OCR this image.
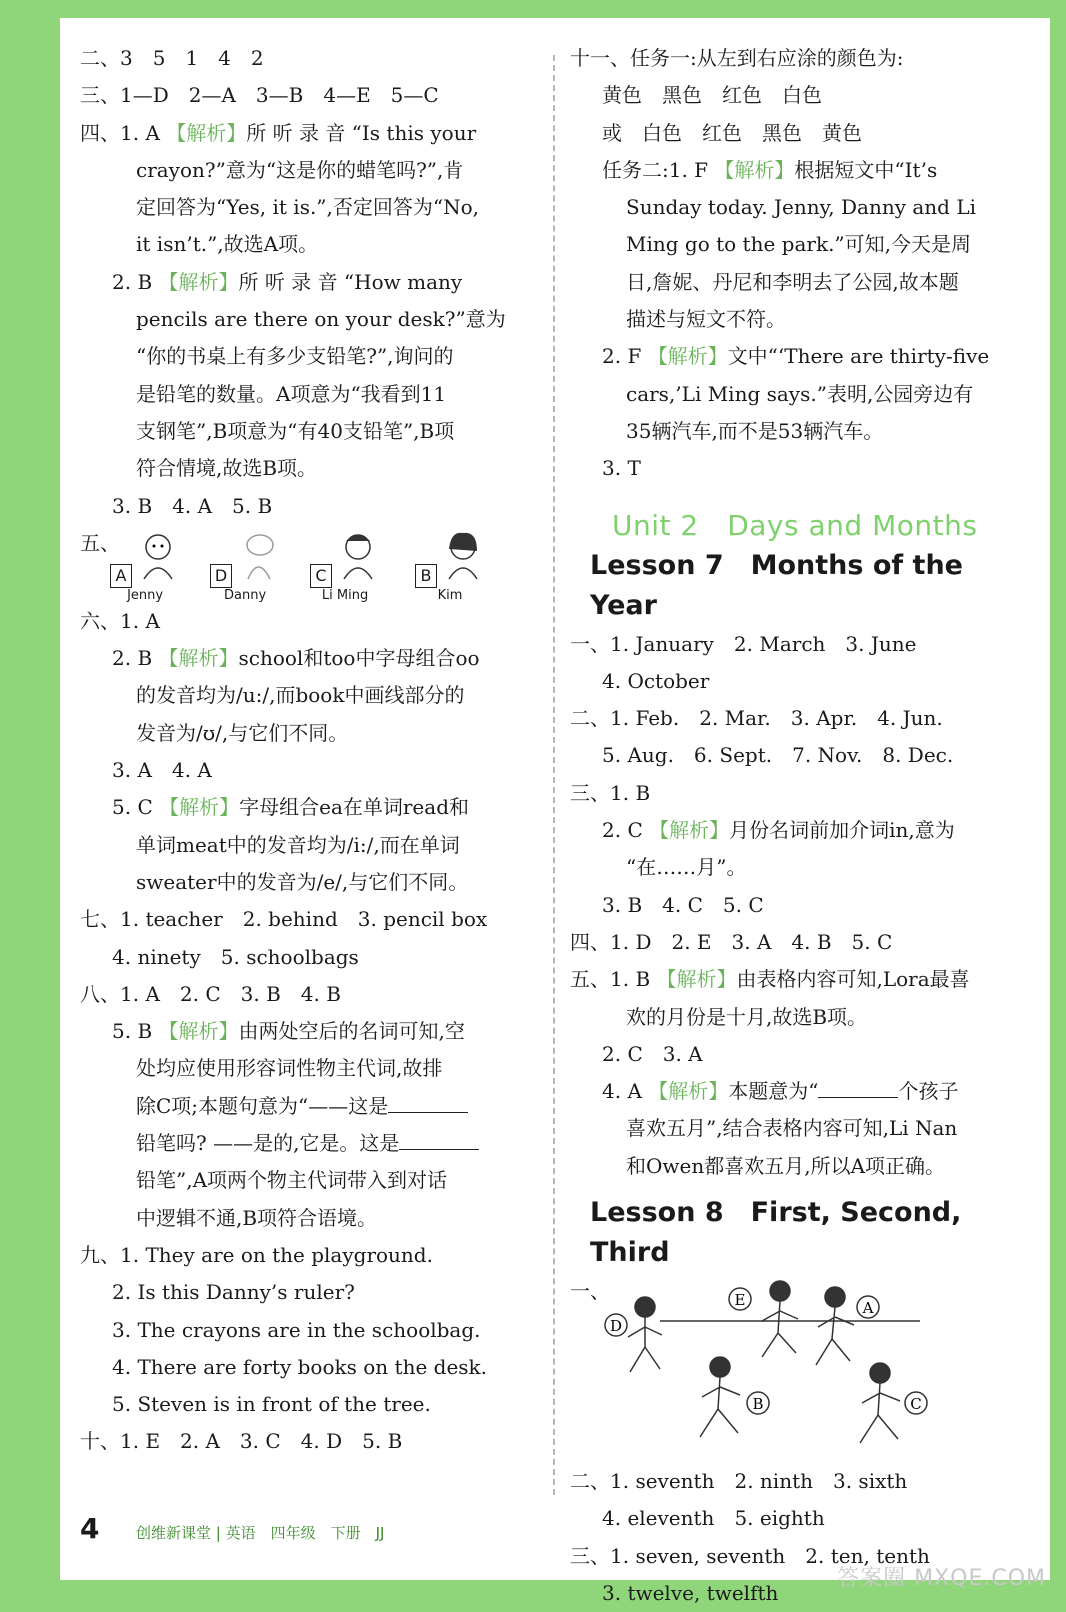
二、3　5　1　4　2
三、1—D　2—A　3—B　4—E　5—C
四、1. A 【解析】所 听 录 音 “Is this your
crayon?”意为“这是你的蜡笔吗?”,肯
定回答为“Yes, it is.”,否定回答为“No,
it isn’t.”,故选A项。
2. B 【解析】所 听 录 音 “How many
pencils are there on your desk?”意为
“你的书桌上有多少支铅笔?”,询问的
是铅笔的数量。A项意为“我看到11
支钢笔”,B项意为“有40支铅笔”,B项
符合情境,故选B项。
3. B　4. A　5. B
五、
A
Jenny
D
Danny
C
Li Ming
B
Kim
六、1. A
2. B 【解析】school和too中字母组合oo
的发音均为/u:/,而book中画线部分的
发音为/ʊ/,与它们不同。
3. A　4. A
5. C 【解析】字母组合ea在单词read和
单词meat中的发音均为/i:/,而在单词
sweater中的发音为/e/,与它们不同。
七、1. teacher　2. behind　3. pencil box
4. ninety　5. schoolbags
八、1. A　2. C　3. B　4. B
5. B 【解析】由两处空后的名词可知,空
处均应使用形容词性物主代词,故排
除C项;本题句意为“——这是
铅笔吗? ——是的,它是。这是
铅笔”,A项两个物主代词带入到对话
中逻辑不通,B项符合语境。
九、1. They are on the playground.
2. Is this Danny’s ruler?
3. The crayons are in the schoolbag.
4. There are forty books on the desk.
5. Steven is in front of the tree.
十、1. E　2. A　3. C　4. D　5. B
十一、任务一:从左到右应涂的颜色为:
黄色　黑色　红色　白色
或　白色　红色　黑色　黄色
任务二:1. F 【解析】根据短文中“It’s
Sunday today. Jenny, Danny and Li
Ming go to the park.”可知,今天是周
日,詹妮、丹尼和李明去了公园,故本题
描述与短文不符。
2. F 【解析】文中“‘There are thirty-five
cars,’Li Ming says.”表明,公园旁边有
35辆汽车,而不是53辆汽车。
3. T
Unit 2　Days and Months
Lesson 7　Months of the Year
一、1. January　2. March　3. June
4. October
二、1. Feb.　2. Mar.　3. Apr.　4. Jun.
5. Aug.　6. Sept.　7. Nov.　8. Dec.
三、1. B
2. C 【解析】月份名词前加介词in,意为
“在……月”。
3. B　4. C　5. C
四、1. D　2. E　3. A　4. B　5. C
五、1. B 【解析】由表格内容可知,Lora最喜
欢的月份是十月,故选B项。
2. C　3. A
4. A 【解析】本题意为“	个孩子
喜欢五月”,结合表格内容可知,Li Nan
和Owen都喜欢五月,所以A项正确。
Lesson 8　First, Second, Third
一、
D
E	A
B	C
二、1. seventh　2. ninth　3. sixth
4. eleventh　5. eighth
三、1. seven, seventh　2. ten, tenth
3. twelve, twelfth
4 创维新课堂 | 英语　四年级　下册　JJ
答案圈 MXQE.COM
